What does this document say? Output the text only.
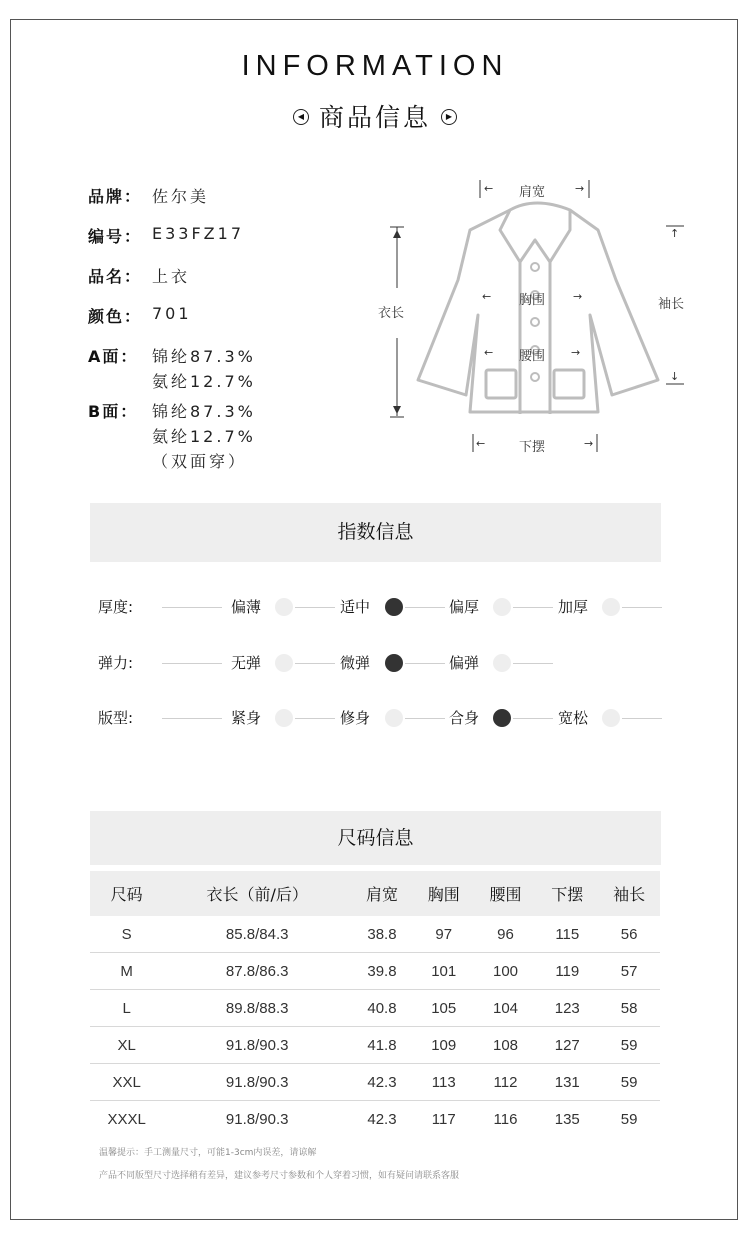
INFORMATION
◀ 商品信息 ▶
品牌： 佐尔美
编号： E33FZ17
品名： 上衣
颜色： 701
A面： 锦纶87.3%
氨纶12.7%
B面： 锦纶87.3%
氨纶12.7%
（双面穿）
肩宽
←	→
衣长
胸围
←	→
腰围
←	→
袖长
↑
↓
下摆
←	→
指数信息
厚度:	偏薄	适中	偏厚	加厚
弹力:	无弹	微弹	偏弹
版型:	紧身	修身	合身	宽松
尺码信息
尺码	衣长（前/后）	肩宽	胸围	腰围	下摆	袖长
S	85.8/84.3	38.8	97	96	115	56
M	87.8/86.3	39.8	101	100	119	57
L	89.8/88.3	40.8	105	104	123	58
XL	91.8/90.3	41.8	109	108	127	59
XXL	91.8/90.3	42.3	113	112	131	59
XXXL	91.8/90.3	42.3	117	116	135	59
温馨提示：手工测量尺寸，可能1-3cm内误差，请谅解
产品不同版型尺寸选择稍有差异，建议参考尺寸参数和个人穿着习惯，如有疑问请联系客服
